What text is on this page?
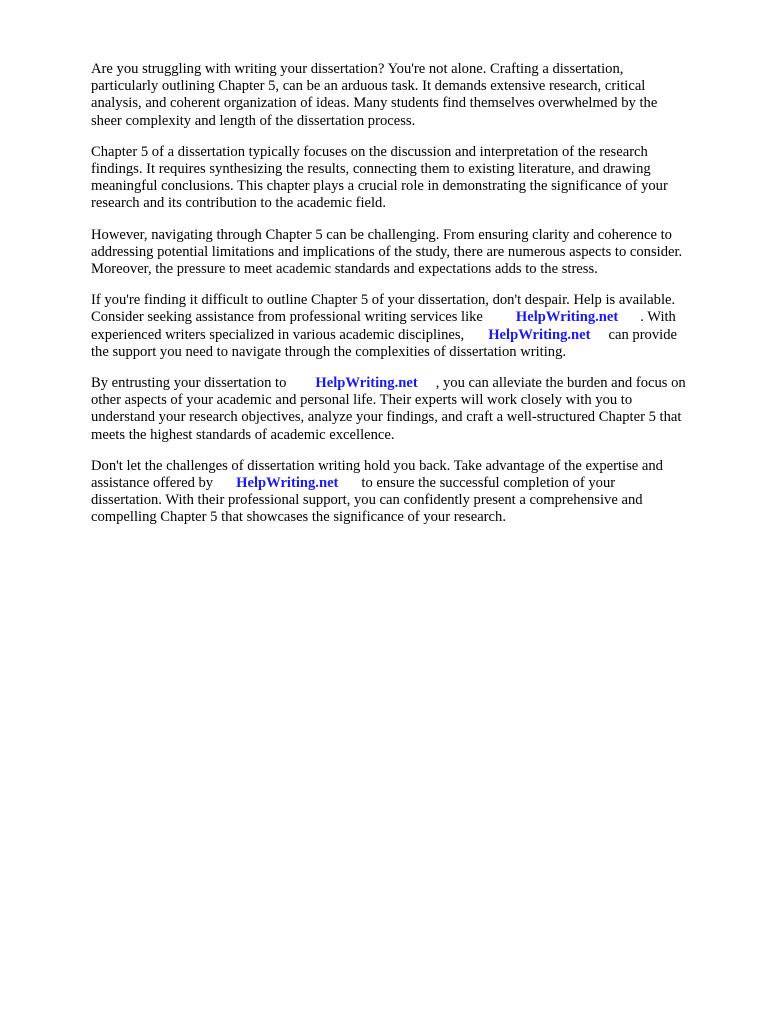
Are you struggling with writing your dissertation? You're not alone. Crafting a dissertation,
particularly outlining Chapter 5, can be an arduous task. It demands extensive research, critical
analysis, and coherent organization of ideas. Many students find themselves overwhelmed by the
sheer complexity and length of the dissertation process.

Chapter 5 of a dissertation typically focuses on the discussion and interpretation of the research
findings. It requires synthesizing the results, connecting them to existing literature, and drawing
meaningful conclusions. This chapter plays a crucial role in demonstrating the significance of your
research and its contribution to the academic field.

However, navigating through Chapter 5 can be challenging. From ensuring clarity and coherence to
addressing potential limitations and implications of the study, there are numerous aspects to consider.
Moreover, the pressure to meet academic standards and expectations adds to the stress.

If you're finding it difficult to outline Chapter 5 of your dissertation, don't despair. Help is available.
Consider seeking assistance from professional writing services like HelpWriting.net . With
experienced writers specialized in various academic disciplines, HelpWriting.net can provide
the support you need to navigate through the complexities of dissertation writing.

By entrusting your dissertation to HelpWriting.net , you can alleviate the burden and focus on
other aspects of your academic and personal life. Their experts will work closely with you to
understand your research objectives, analyze your findings, and craft a well-structured Chapter 5 that
meets the highest standards of academic excellence.

Don't let the challenges of dissertation writing hold you back. Take advantage of the expertise and
assistance offered by HelpWriting.net to ensure the successful completion of your
dissertation. With their professional support, you can confidently present a comprehensive and
compelling Chapter 5 that showcases the significance of your research.
